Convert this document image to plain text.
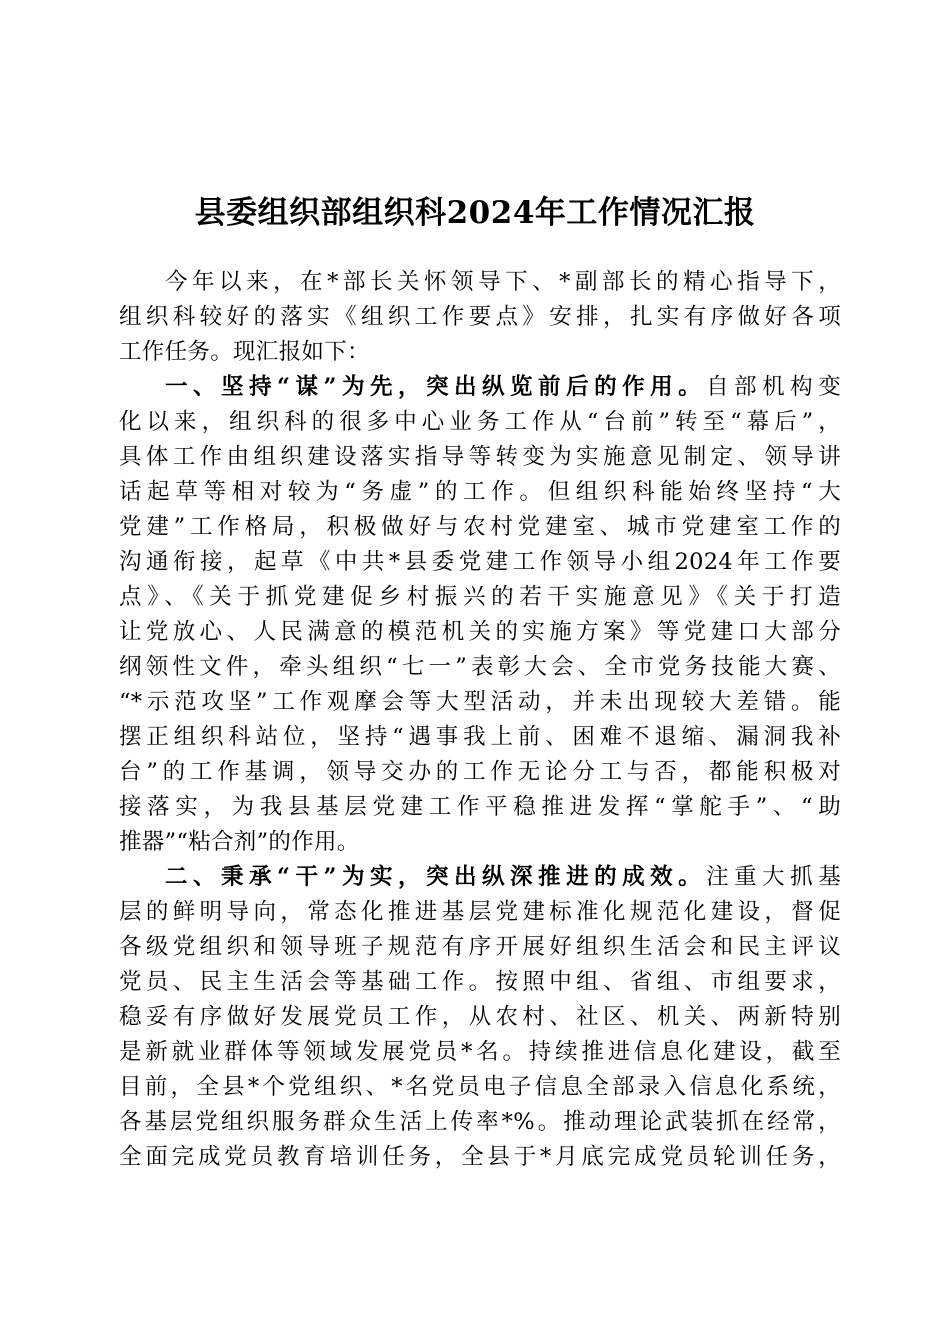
县委组织部组织科2024年工作情况汇报
今年以来，在*部长关怀领导下、*副部长的精心指导下，
组织科较好的落实《组织工作要点》安排，扎实有序做好各项
工作任务。现汇报如下：
一、坚持“谋”为先，突出纵览前后的作用。自部机构变
化以来，组织科的很多中心业务工作从“台前”转至“幕后”，
具体工作由组织建设落实指导等转变为实施意见制定、领导讲
话起草等相对较为“务虚”的工作。但组织科能始终坚持“大
党建”工作格局，积极做好与农村党建室、城市党建室工作的
沟通衔接，起草《中共*县委党建工作领导小组2024年工作要
点》、《关于抓党建促乡村振兴的若干实施意见》《关于打造
让党放心、人民满意的模范机关的实施方案》等党建口大部分
纲领性文件，牵头组织“七一”表彰大会、全市党务技能大赛、
“*示范攻坚”工作观摩会等大型活动，并未出现较大差错。能
摆正组织科站位，坚持“遇事我上前、困难不退缩、漏洞我补
台”的工作基调，领导交办的工作无论分工与否，都能积极对
接落实，为我县基层党建工作平稳推进发挥“掌舵手”、“助
推器”“粘合剂”的作用。
二、秉承“干”为实，突出纵深推进的成效。注重大抓基
层的鲜明导向，常态化推进基层党建标准化规范化建设，督促
各级党组织和领导班子规范有序开展好组织生活会和民主评议
党员、民主生活会等基础工作。按照中组、省组、市组要求，
稳妥有序做好发展党员工作，从农村、社区、机关、两新特别
是新就业群体等领域发展党员*名。持续推进信息化建设，截至
目前，全县*个党组织、*名党员电子信息全部录入信息化系统，
各基层党组织服务群众生活上传率*%。推动理论武装抓在经常，
全面完成党员教育培训任务，全县于*月底完成党员轮训任务，
